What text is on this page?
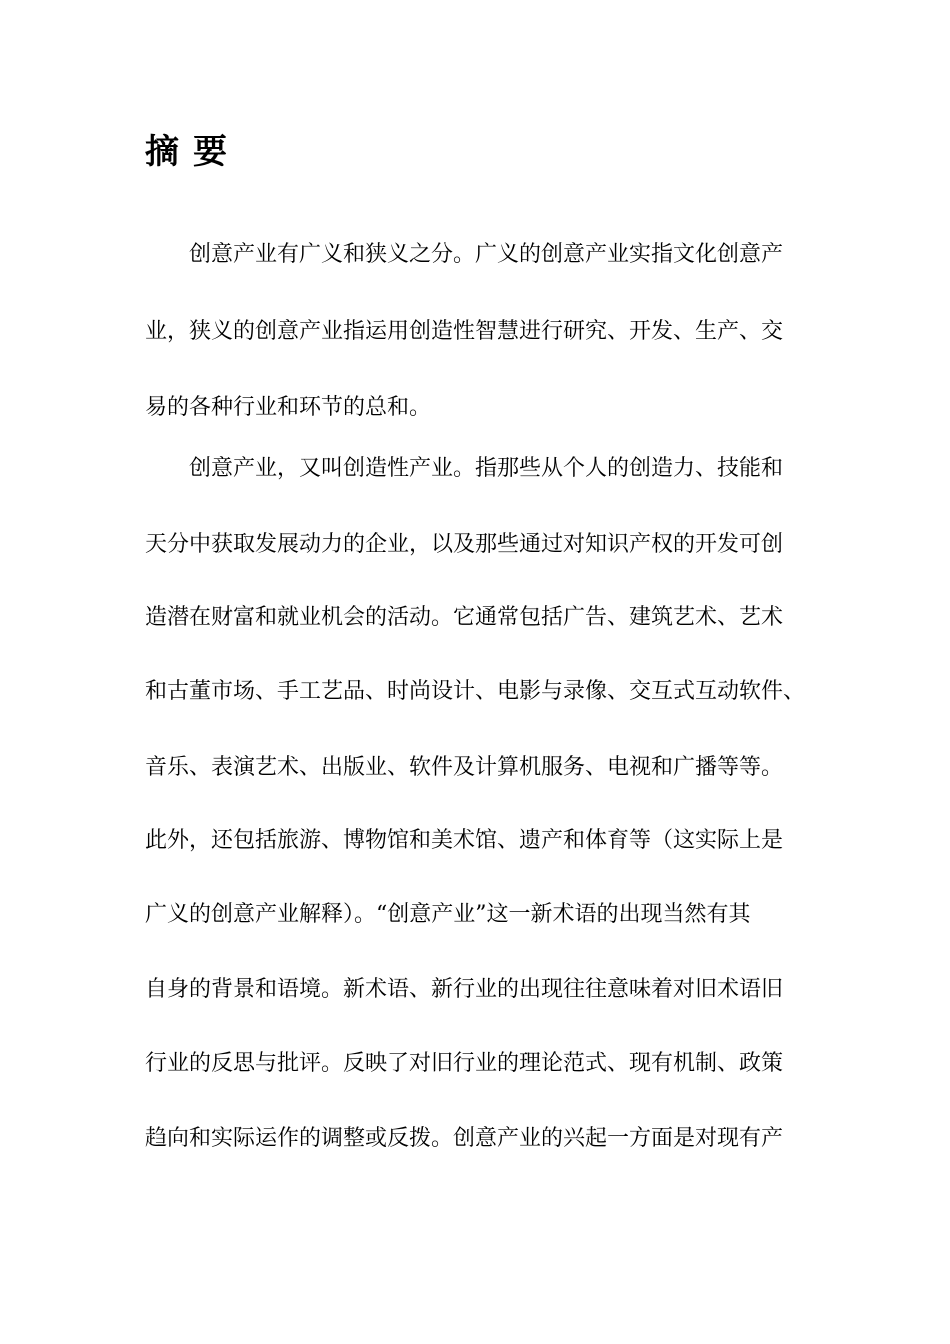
摘要
创意产业有广义和狭义之分。广义的创意产业实指文化创意产
业，狭义的创意产业指运用创造性智慧进行研究、开发、生产、交
易的各种行业和环节的总和。
创意产业，又叫创造性产业。指那些从个人的创造力、技能和
天分中获取发展动力的企业，以及那些通过对知识产权的开发可创
造潜在财富和就业机会的活动。它通常包括广告、建筑艺术、艺术
和古董市场、手工艺品、时尚设计、电影与录像、交互式互动软件、
音乐、表演艺术、出版业、软件及计算机服务、电视和广播等等。
此外，还包括旅游、博物馆和美术馆、遗产和体育等（这实际上是
广义的创意产业解释）。“创意产业”这一新术语的出现当然有其
自身的背景和语境。新术语、新行业的出现往往意味着对旧术语旧
行业的反思与批评。反映了对旧行业的理论范式、现有机制、政策
趋向和实际运作的调整或反拨。创意产业的兴起一方面是对现有产
